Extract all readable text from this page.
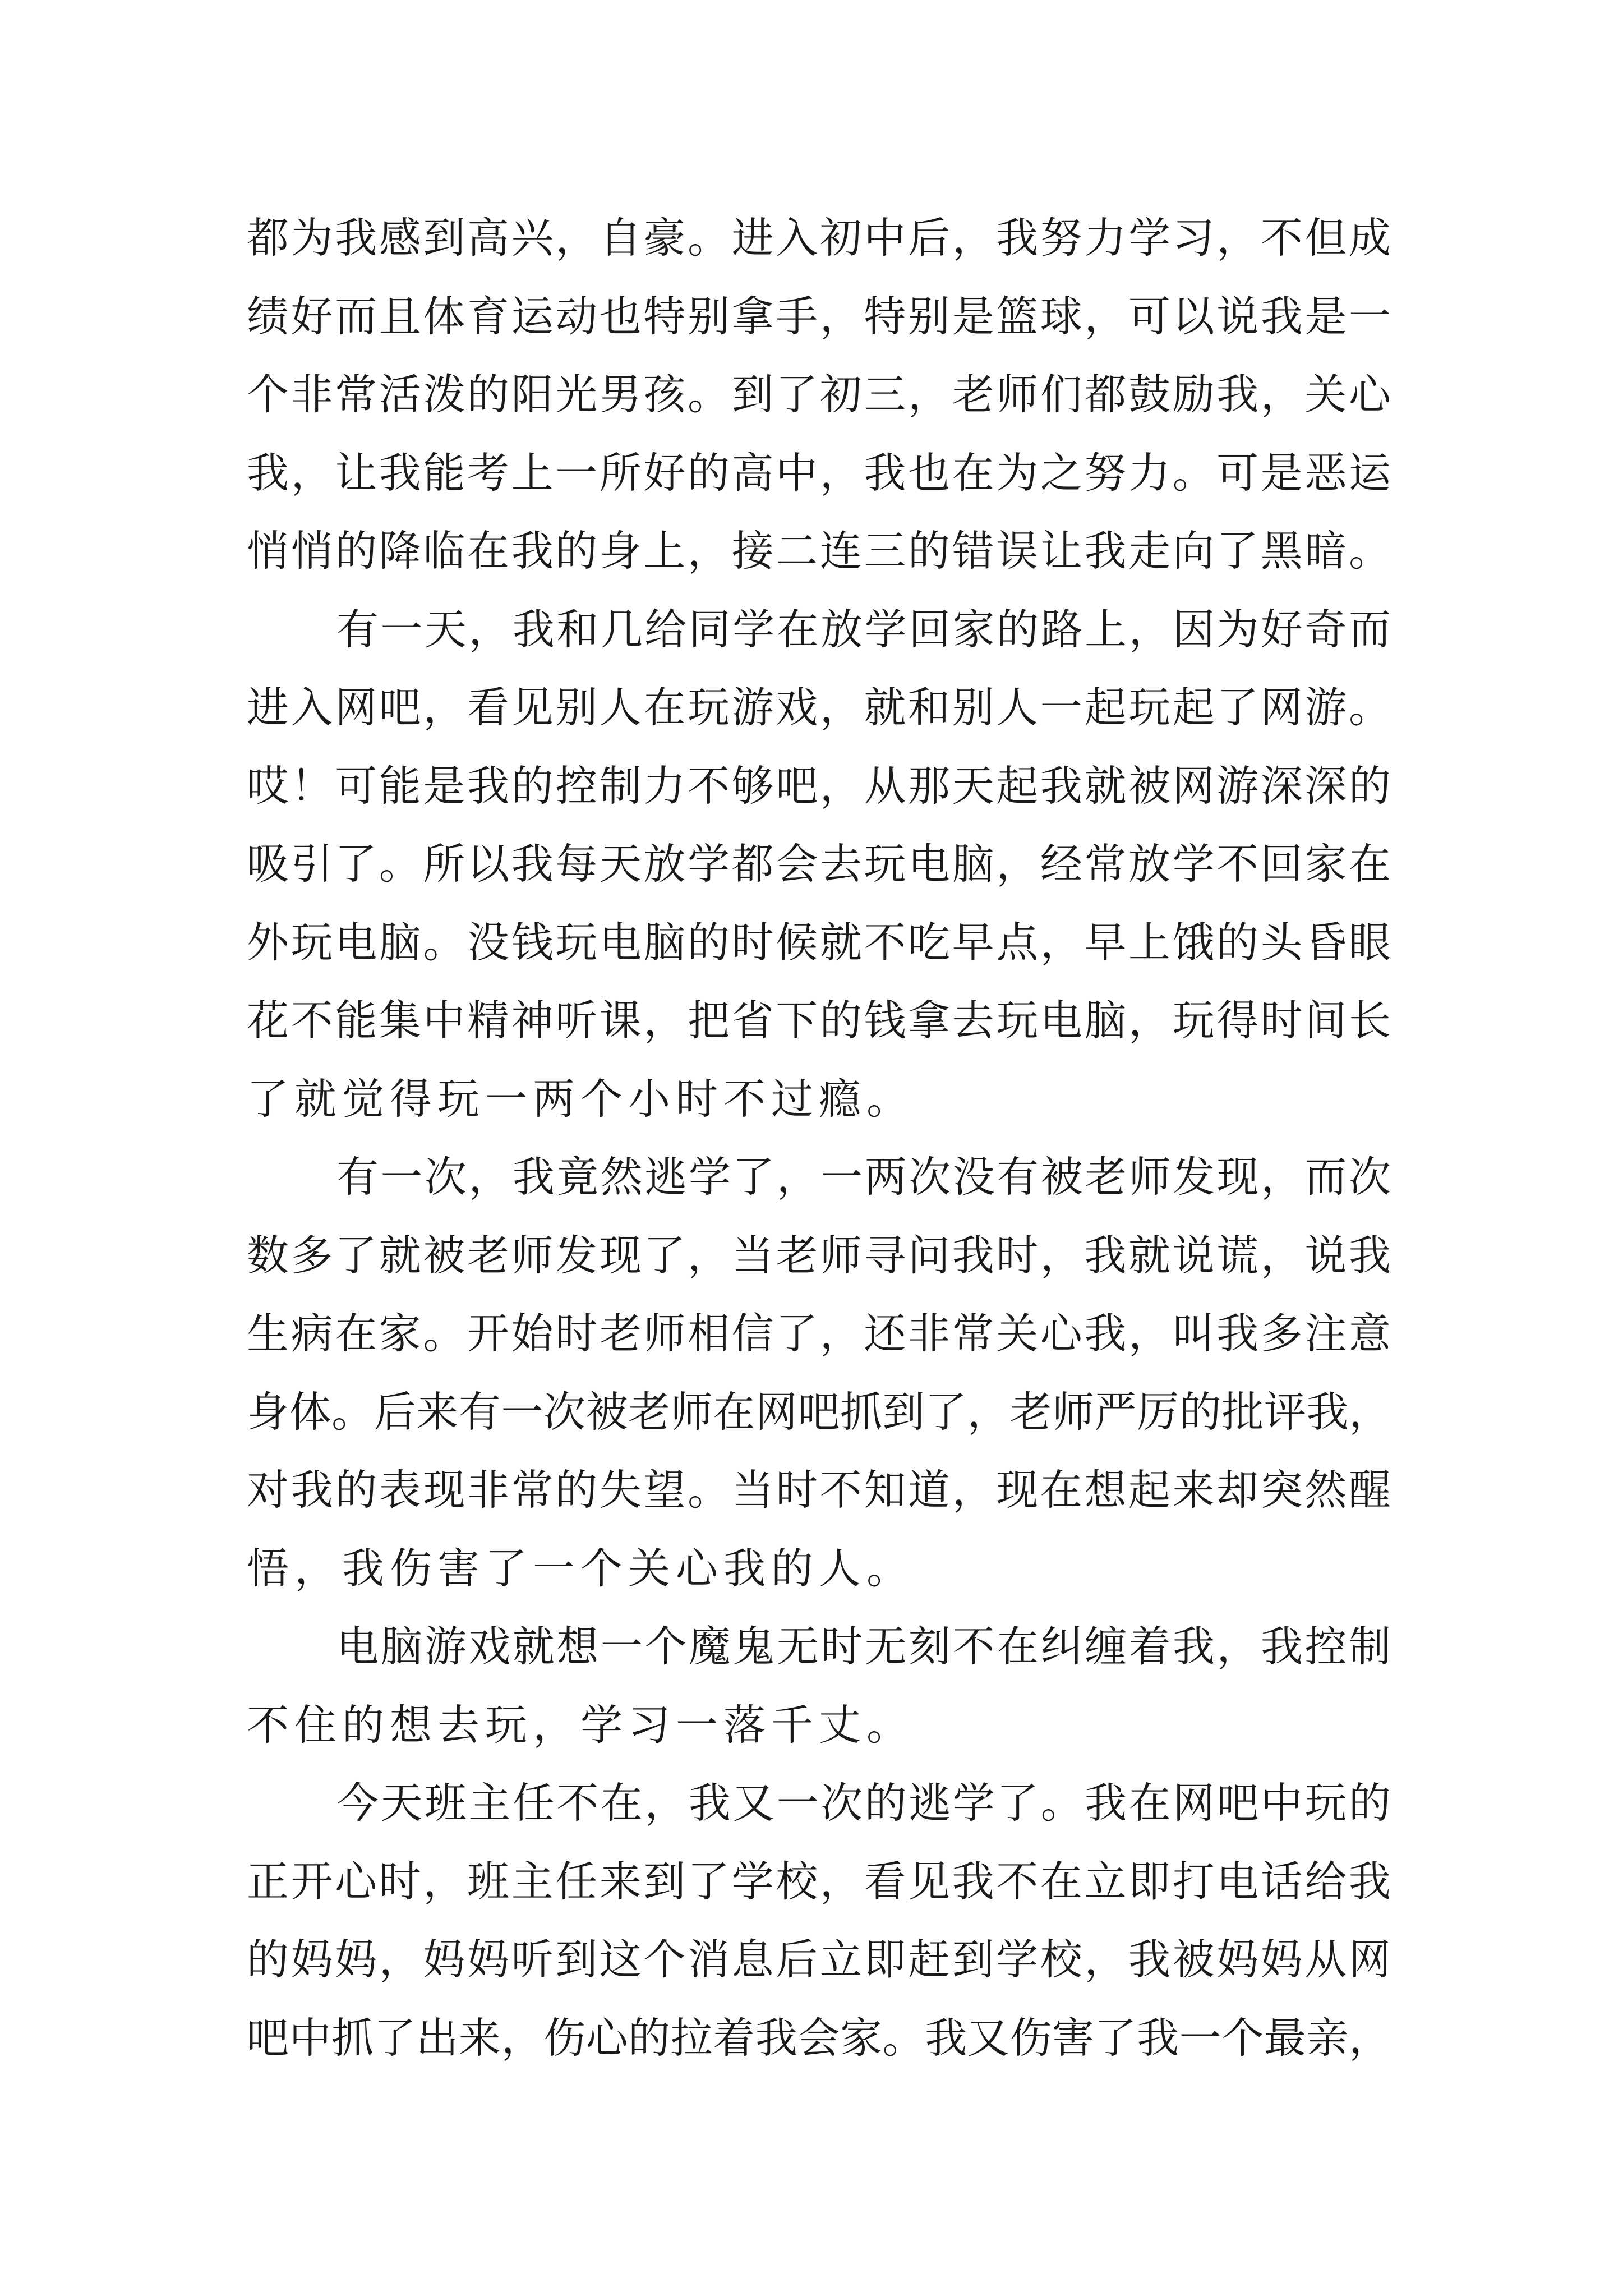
都为我感到高兴，自豪。进入初中后，我努力学习，不但成
绩好而且体育运动也特别拿手，特别是篮球，可以说我是一
个非常活泼的阳光男孩。到了初三，老师们都鼓励我，关心
我，让我能考上一所好的高中，我也在为之努力。可是恶运
悄悄的降临在我的身上，接二连三的错误让我走向了黑暗。
有一天，我和几给同学在放学回家的路上，因为好奇而
进入网吧，看见别人在玩游戏，就和别人一起玩起了网游。
哎！可能是我的控制力不够吧，从那天起我就被网游深深的
吸引了。所以我每天放学都会去玩电脑，经常放学不回家在
外玩电脑。没钱玩电脑的时候就不吃早点，早上饿的头昏眼
花不能集中精神听课，把省下的钱拿去玩电脑，玩得时间长
了就觉得玩一两个小时不过瘾。
有一次，我竟然逃学了，一两次没有被老师发现，而次
数多了就被老师发现了，当老师寻问我时，我就说谎，说我
生病在家。开始时老师相信了，还非常关心我，叫我多注意
身体。后来有一次被老师在网吧抓到了，老师严厉的批评我，
对我的表现非常的失望。当时不知道，现在想起来却突然醒
悟，我伤害了一个关心我的人。
电脑游戏就想一个魔鬼无时无刻不在纠缠着我，我控制
不住的想去玩，学习一落千丈。
今天班主任不在，我又一次的逃学了。我在网吧中玩的
正开心时，班主任来到了学校，看见我不在立即打电话给我
的妈妈，妈妈听到这个消息后立即赶到学校，我被妈妈从网
吧中抓了出来，伤心的拉着我会家。我又伤害了我一个最亲，
